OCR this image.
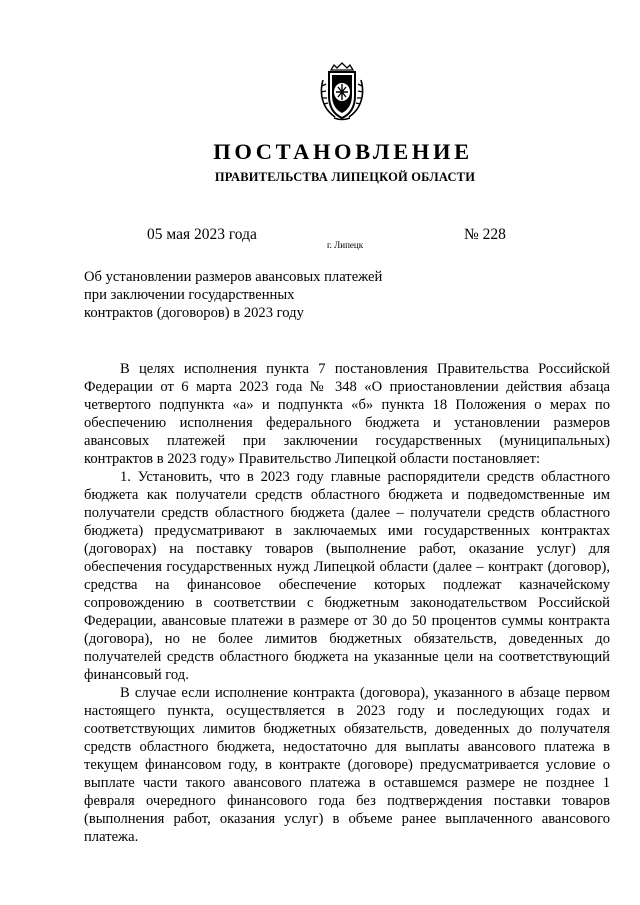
ПОСТАНОВЛЕНИЕ
ПРАВИТЕЛЬСТВА ЛИПЕЦКОЙ ОБЛАСТИ
05 мая 2023 года
г. Липецк
№ 228
Об установлении размеров авансовых платежей
при заключении государственных
контрактов (договоров) в 2023 году

В целях исполнения пункта 7 постановления Правительства Российской Федерации от 6 марта 2023 года № 348 «О приостановлении действия абзаца четвертого подпункта «а» и подпункта «б» пункта 18 Положения о мерах по обеспечению исполнения федерального бюджета и установлении размеров авансовых платежей при заключении государственных (муниципальных) контрактов в 2023 году» Правительство Липецкой области постановляет:

1. Установить, что в 2023 году главные распорядители средств областного бюджета как получатели средств областного бюджета и подведомственные им получатели средств областного бюджета (далее – получатели средств областного бюджета) предусматривают в заключаемых ими государственных контрактах (договорах) на поставку товаров (выполнение работ, оказание услуг) для обеспечения государственных нужд Липецкой области (далее – контракт (договор), средства на финансовое обеспечение которых подлежат казначейскому сопровождению в соответствии с бюджетным законодательством Российской Федерации, авансовые платежи в размере от 30 до 50 процентов суммы контракта (договора), но не более лимитов бюджетных обязательств, доведенных до получателей средств областного бюджета на указанные цели на соответствующий финансовый год.

В случае если исполнение контракта (договора), указанного в абзаце первом настоящего пункта, осуществляется в 2023 году и последующих годах и соответствующих лимитов бюджетных обязательств, доведенных до получателя средств областного бюджета, недостаточно для выплаты авансового платежа в текущем финансовом году, в контракте (договоре) предусматривается условие о выплате части такого авансового платежа в оставшемся размере не позднее 1 февраля очередного финансового года без подтверждения поставки товаров (выполнения работ, оказания услуг) в объеме ранее выплаченного авансового платежа.
